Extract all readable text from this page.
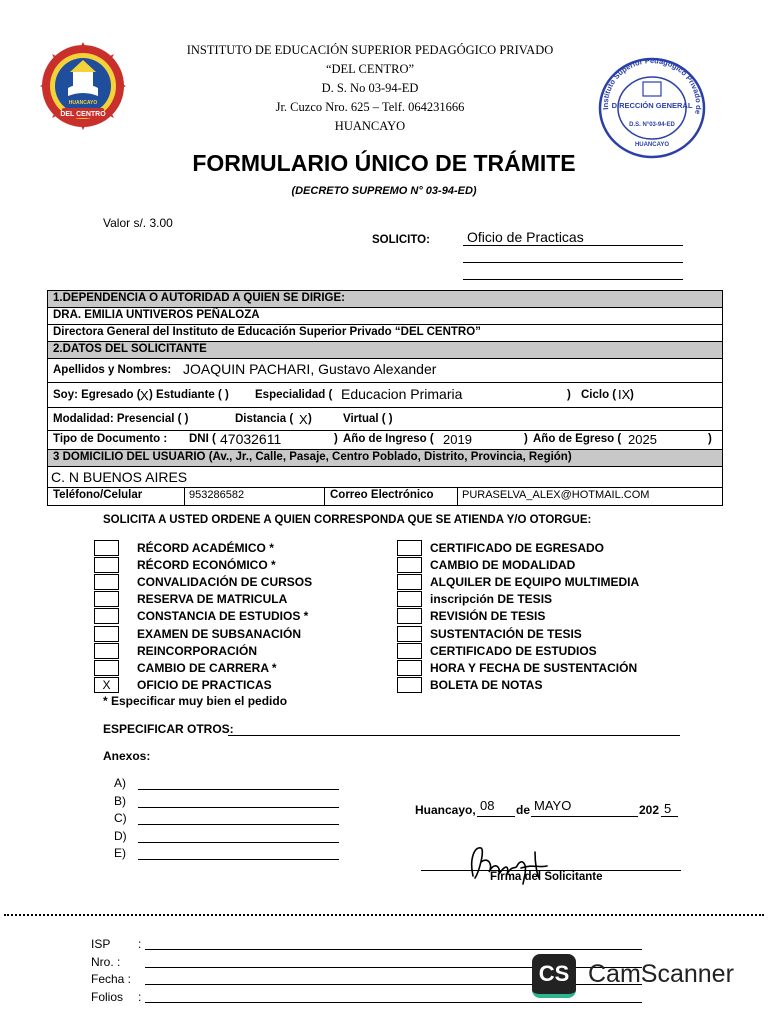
DEL CENTRO
HUANCAYO
INSTITUTO DE EDUCACIÓN SUPERIOR PEDAGÓGICO PRIVADO
“DEL CENTRO”
D. S. No 03-94-ED
Jr. Cuzco Nro. 625 – Telf. 064231666
HUANCAYO
Instituto Superior Pedagógico Privado de
DIRECCIÓN GENERAL
D.S. N°03-94-ED
HUANCAYO
FORMULARIO ÚNICO DE TRÁMITE
(DECRETO SUPREMO N° 03-94-ED)
Valor s/. 3.00
SOLICITO:	Oficio de Practicas
1.DEPENDENCIA O AUTORIDAD A QUIEN SE DIRIGE:
DRA. EMILIA UNTIVEROS PEÑALOZA
Directora General del Instituto de Educación Superior Privado “DEL CENTRO”
2.DATOS DEL SOLICITANTE
Apellidos y Nombres: JOAQUIN PACHARI, Gustavo Alexander
Soy: Egresado ( X ) Estudiante ( ) Especialidad ( Educacion Primaria	) Ciclo ( IX )
Modalidad: Presencial ( )	Distancia ( X )	Virtual ( )
Tipo de Documento : DNI ( 47032611	) Año de Ingreso ( 2019	) Año de Egreso ( 2025	)
3 DOMICILIO DEL USUARIO (Av., Jr., Calle, Pasaje, Centro Poblado, Distrito, Provincia, Región)
C. N BUENOS AIRES
Teléfono/Celular	953286582	Correo Electrónico	PURASELVA_ALEX@HOTMAIL.COM
SOLICITA A USTED ORDENE A QUIEN CORRESPONDA QUE SE ATIENDA Y/O OTORGUE:
RÉCORD ACADÉMICO *
RÉCORD ECONÓMICO *
CONVALIDACIÓN DE CURSOS
RESERVA DE MATRICULA
CONSTANCIA DE ESTUDIOS *
EXAMEN DE SUBSANACIÓN
REINCORPORACIÓN
CAMBIO DE CARRERA *
X	OFICIO DE PRACTICAS
CERTIFICADO DE EGRESADO
CAMBIO DE MODALIDAD
ALQUILER DE EQUIPO MULTIMEDIA
inscripción DE TESIS
REVISIÓN DE TESIS
SUSTENTACIÓN DE TESIS
CERTIFICADO DE ESTUDIOS
HORA Y FECHA DE SUSTENTACIÓN
BOLETA DE NOTAS
* Especificar muy bien el pedido
ESPECIFICAR OTROS:
Anexos:
A)
B)
C)
D)
E)
Huancayo, 08 de MAYO	202 5
Firma del Solicitante
ISP :
Nro. :
Fecha :
Folios :
CS CamScanner
